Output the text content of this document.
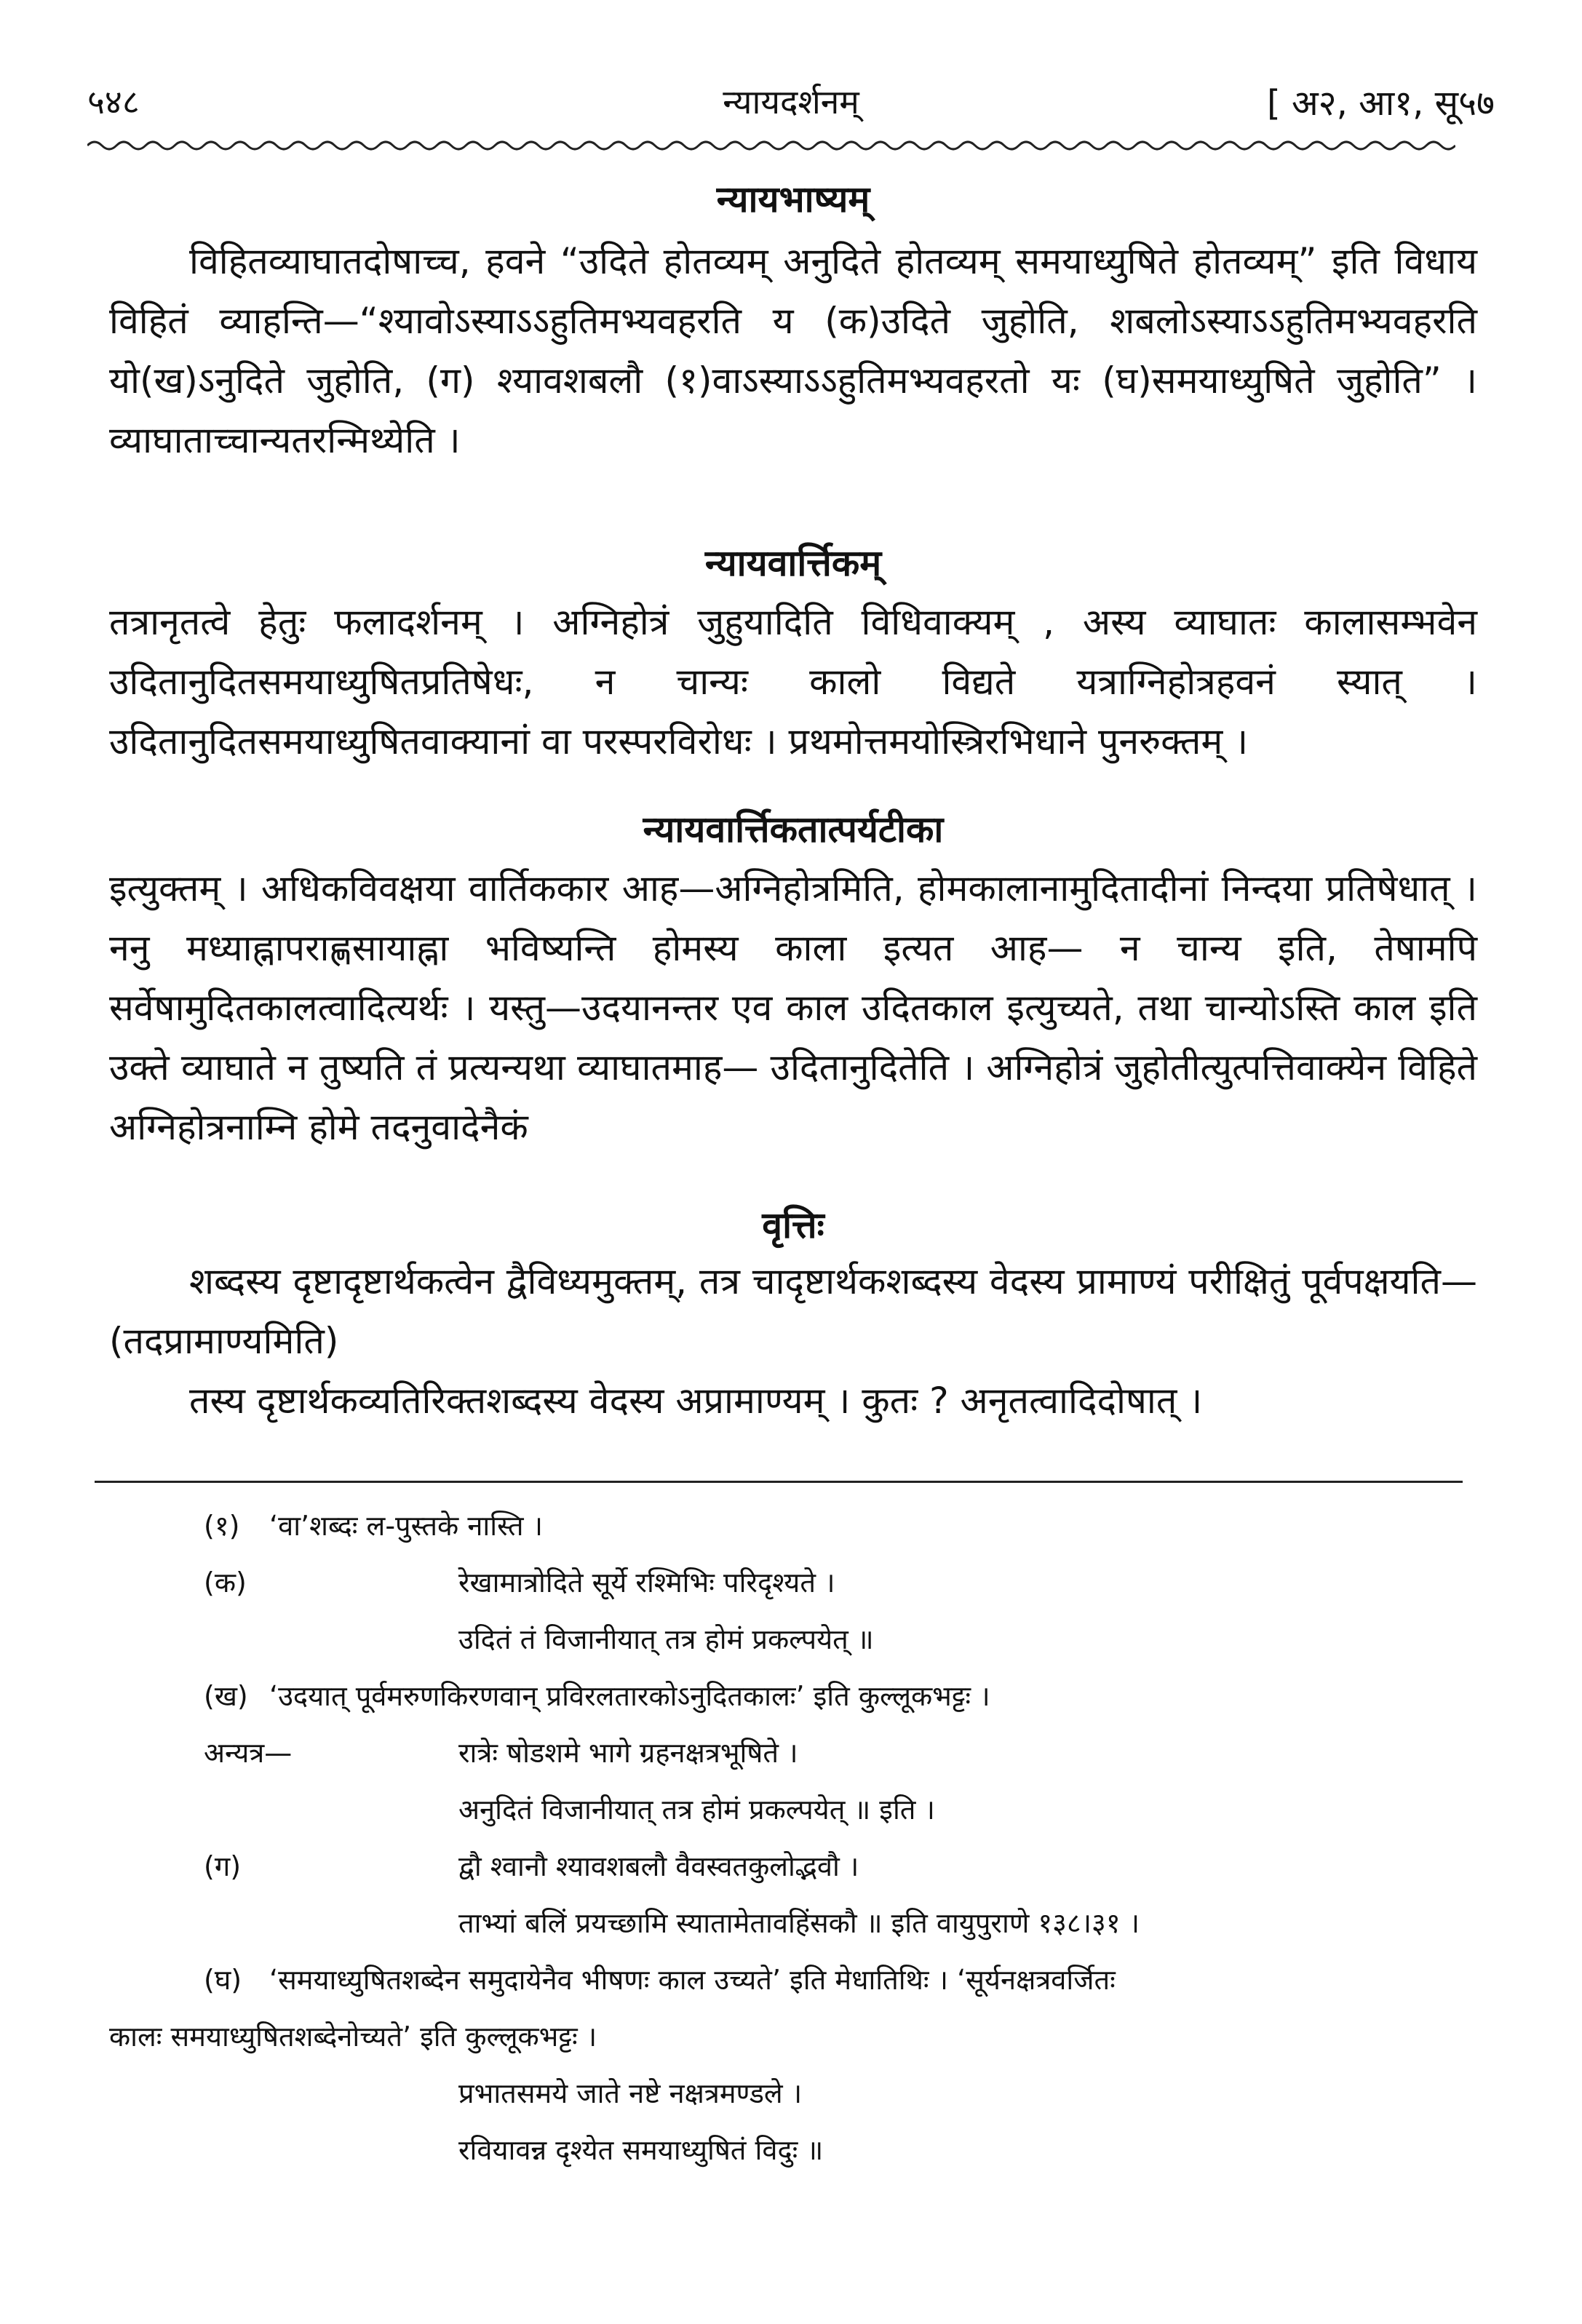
५४८	न्यायदर्शनम्	[ अ२, आ१, सू५७

न्यायभाष्यम्

विहितव्याघातदोषाच्च, हवने “उदिते होतव्यम् अनुदिते होतव्यम् समयाध्युषिते होतव्यम्” इति विधाय विहितं व्याहन्ति—“श्यावोऽस्याऽऽहुतिमभ्यवहरति य (क)उदिते जुहोति, शबलोऽस्याऽऽहुतिमभ्यवहरति यो(ख)ऽनुदिते जुहोति, (ग) श्यावशबलौ (१)वाऽस्याऽऽहुतिमभ्यवहरतो यः (घ)समयाध्युषिते जुहोति” । व्याघाताच्चान्यतरन्मिथ्येति ।

न्यायवार्त्तिकम्

तत्रानृतत्वे हेतुः फलादर्शनम् । अग्निहोत्रं जुहुयादिति विधिवाक्यम् , अस्य व्याघातः कालासम्भवेन उदितानुदितसमयाध्युषितप्रतिषेधः, न चान्यः कालो विद्यते यत्राग्निहोत्रहवनं स्यात् । उदितानुदितसमयाध्युषितवाक्यानां वा परस्परविरोधः । प्रथमोत्तमयोस्त्रिरभिधाने पुनरुक्तम् ।

न्यायवार्त्तिकतात्पर्यटीका

इत्युक्तम् । अधिकविवक्षया वार्तिककार आह—अग्निहोत्रमिति, होमकालानामुदितादीनां निन्दया प्रतिषेधात् । ननु मध्याह्नापराह्णसायाह्ना भविष्यन्ति होमस्य काला इत्यत आह— न चान्य इति, तेषामपि सर्वेषामुदितकालत्वादित्यर्थः । यस्तु—उदयानन्तर एव काल उदितकाल इत्युच्यते, तथा चान्योऽस्ति काल इति उक्ते व्याघाते न तुष्यति तं प्रत्यन्यथा व्याघातमाह— उदितानुदितेति । अग्निहोत्रं जुहोतीत्युत्पत्तिवाक्येन विहिते अग्निहोत्रनाम्नि होमे तदनुवादेनैकं

वृत्तिः

शब्दस्य दृष्टादृष्टार्थकत्वेन द्वैविध्यमुक्तम्, तत्र चादृष्टार्थकशब्दस्य वेदस्य प्रामाण्यं परीक्षितुं पूर्वपक्षयति—(तदप्रामाण्यमिति)

तस्य दृष्टार्थकव्यतिरिक्तशब्दस्य वेदस्य अप्रामाण्यम् । कुतः ? अनृतत्वादिदोषात् ।

(१) ‘वा’शब्दः ल-पुस्तके नास्ति ।
(क)	रेखामात्रोदिते सूर्ये रश्मिभिः परिदृश्यते ।
उदितं तं विजानीयात् तत्र होमं प्रकल्पयेत् ॥
(ख) ‘उदयात् पूर्वमरुणकिरणवान् प्रविरलतारकोऽनुदितकालः’ इति कुल्लूकभट्टः ।
अन्यत्र—	रात्रेः षोडशमे भागे ग्रहनक्षत्रभूषिते ।
अनुदितं विजानीयात् तत्र होमं प्रकल्पयेत् ॥ इति ।
(ग)	द्वौ श्वानौ श्यावशबलौ वैवस्वतकुलोद्भवौ ।
ताभ्यां बलिं प्रयच्छामि स्यातामेतावहिंसकौ ॥ इति वायुपुराणे १३८।३१ ।
(घ) ‘समयाध्युषितशब्देन समुदायेनैव भीषणः काल उच्यते’ इति मेधातिथिः । ‘सूर्यनक्षत्रवर्जितः
कालः समयाध्युषितशब्देनोच्यते’ इति कुल्लूकभट्टः ।
प्रभातसमये जाते नष्टे नक्षत्रमण्डले ।
रवियावन्न दृश्येत समयाध्युषितं विदुः ॥
